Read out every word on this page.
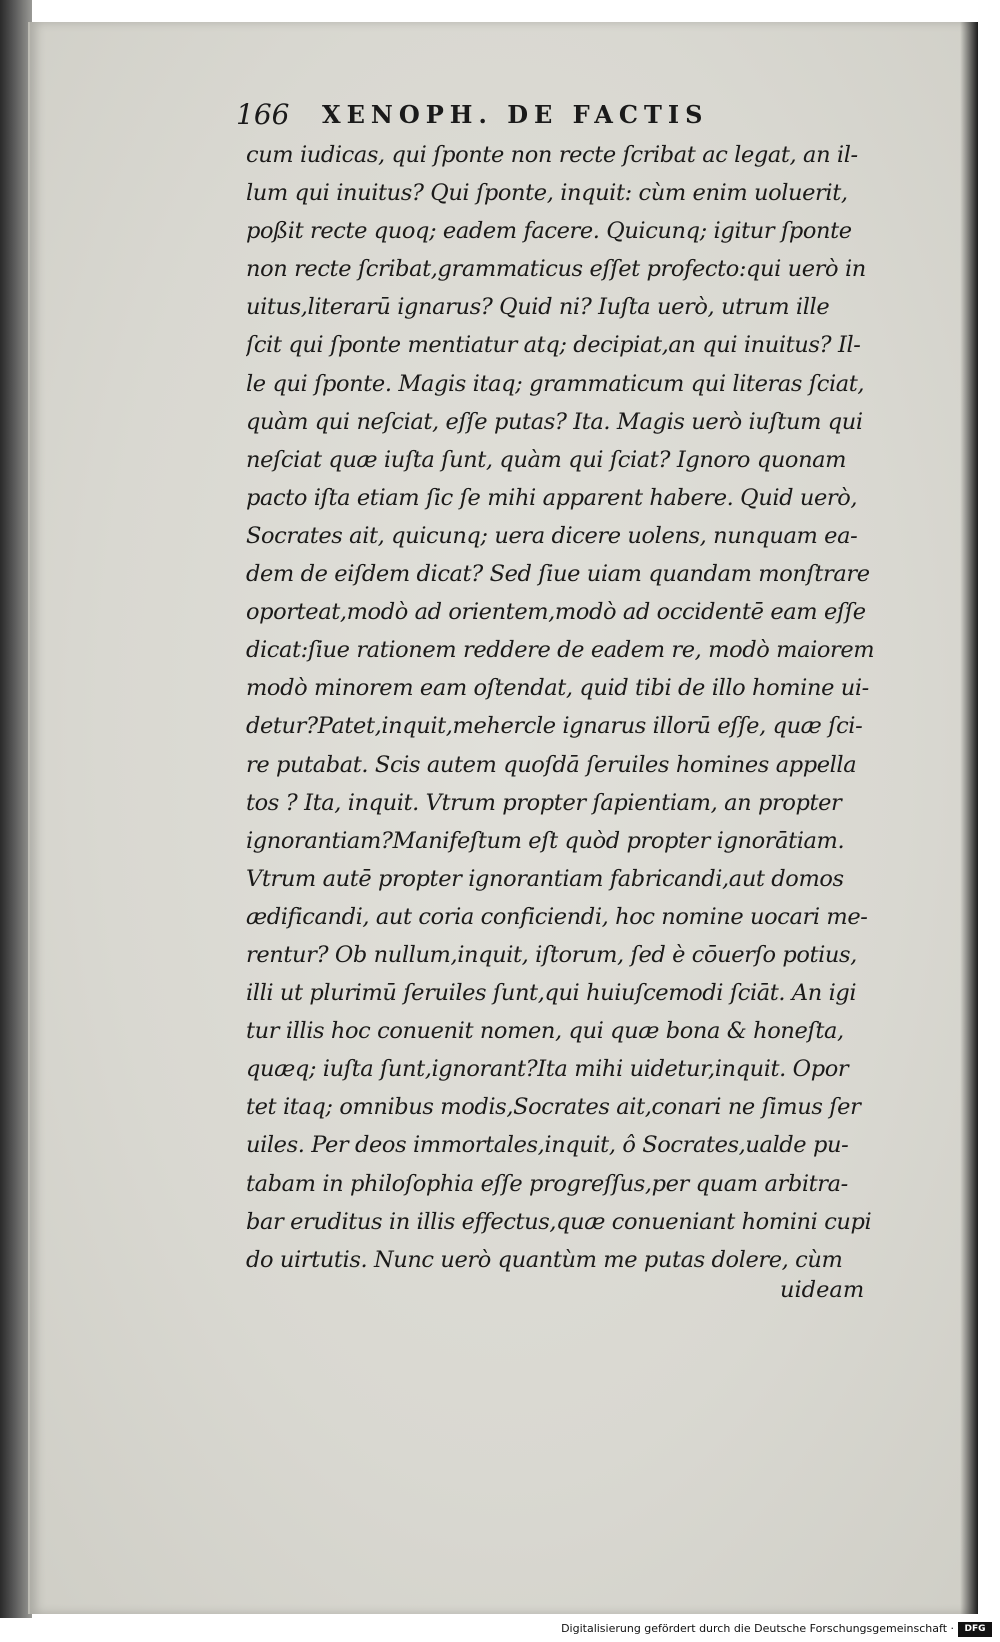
166 XENOPH. DE FACTIS
cum iudicas, qui ſponte non recte ſcribat ac legat, an il-
lum qui inuitus? Qui ſponte, inquit: cùm enim uoluerit,
poßit recte quoq; eadem facere. Quicunq; igitur ſponte
non recte ſcribat,grammaticus eſſet profecto:qui uerò in
uitus,literarū ignarus? Quid ni? Iuſta uerò, utrum ille
ſcit qui ſponte mentiatur atq; decipiat,an qui inuitus? Il-
le qui ſponte. Magis itaq; grammaticum qui literas ſciat,
quàm qui neſciat, eſſe putas? Ita. Magis uerò iuſtum qui
neſciat quæ iuſta ſunt, quàm qui ſciat? Ignoro quonam
pacto iſta etiam ſic ſe mihi apparent habere. Quid uerò,
Socrates ait, quicunq; uera dicere uolens, nunquam ea-
dem de eiſdem dicat? Sed ſiue uiam quandam monſtrare
oporteat,modò ad orientem,modò ad occidentē eam eſſe
dicat:ſiue rationem reddere de eadem re, modò maiorem
modò minorem eam oſtendat, quid tibi de illo homine ui-
detur?Patet,inquit,mehercle ignarus illorū eſſe, quæ ſci-
re putabat. Scis autem quoſdā ſeruiles homines appella
tos ? Ita, inquit. Vtrum propter ſapientiam, an propter
ignorantiam?Manifeſtum eſt quòd propter ignorātiam.
Vtrum autē propter ignorantiam fabricandi,aut domos
ædificandi, aut coria conficiendi, hoc nomine uocari me-
rentur? Ob nullum,inquit, iſtorum, ſed è cōuerſo potius,
illi ut plurimū ſeruiles ſunt,qui huiuſcemodi ſciāt. An igi
tur illis hoc conuenit nomen, qui quæ bona & honeſta,
quæq; iuſta ſunt,ignorant?Ita mihi uidetur,inquit. Opor
tet itaq; omnibus modis,Socrates ait,conari ne ſimus ſer
uiles. Per deos immortales,inquit, ô Socrates,ualde pu-
tabam in philoſophia eſſe progreſſus,per quam arbitra-
bar eruditus in illis effectus,quæ conueniant homini cupi
do uirtutis. Nunc uerò quantùm me putas dolere, cùm
uideam
Digitalisierung gefördert durch die Deutsche Forschungsgemeinschaft ·	DFG
